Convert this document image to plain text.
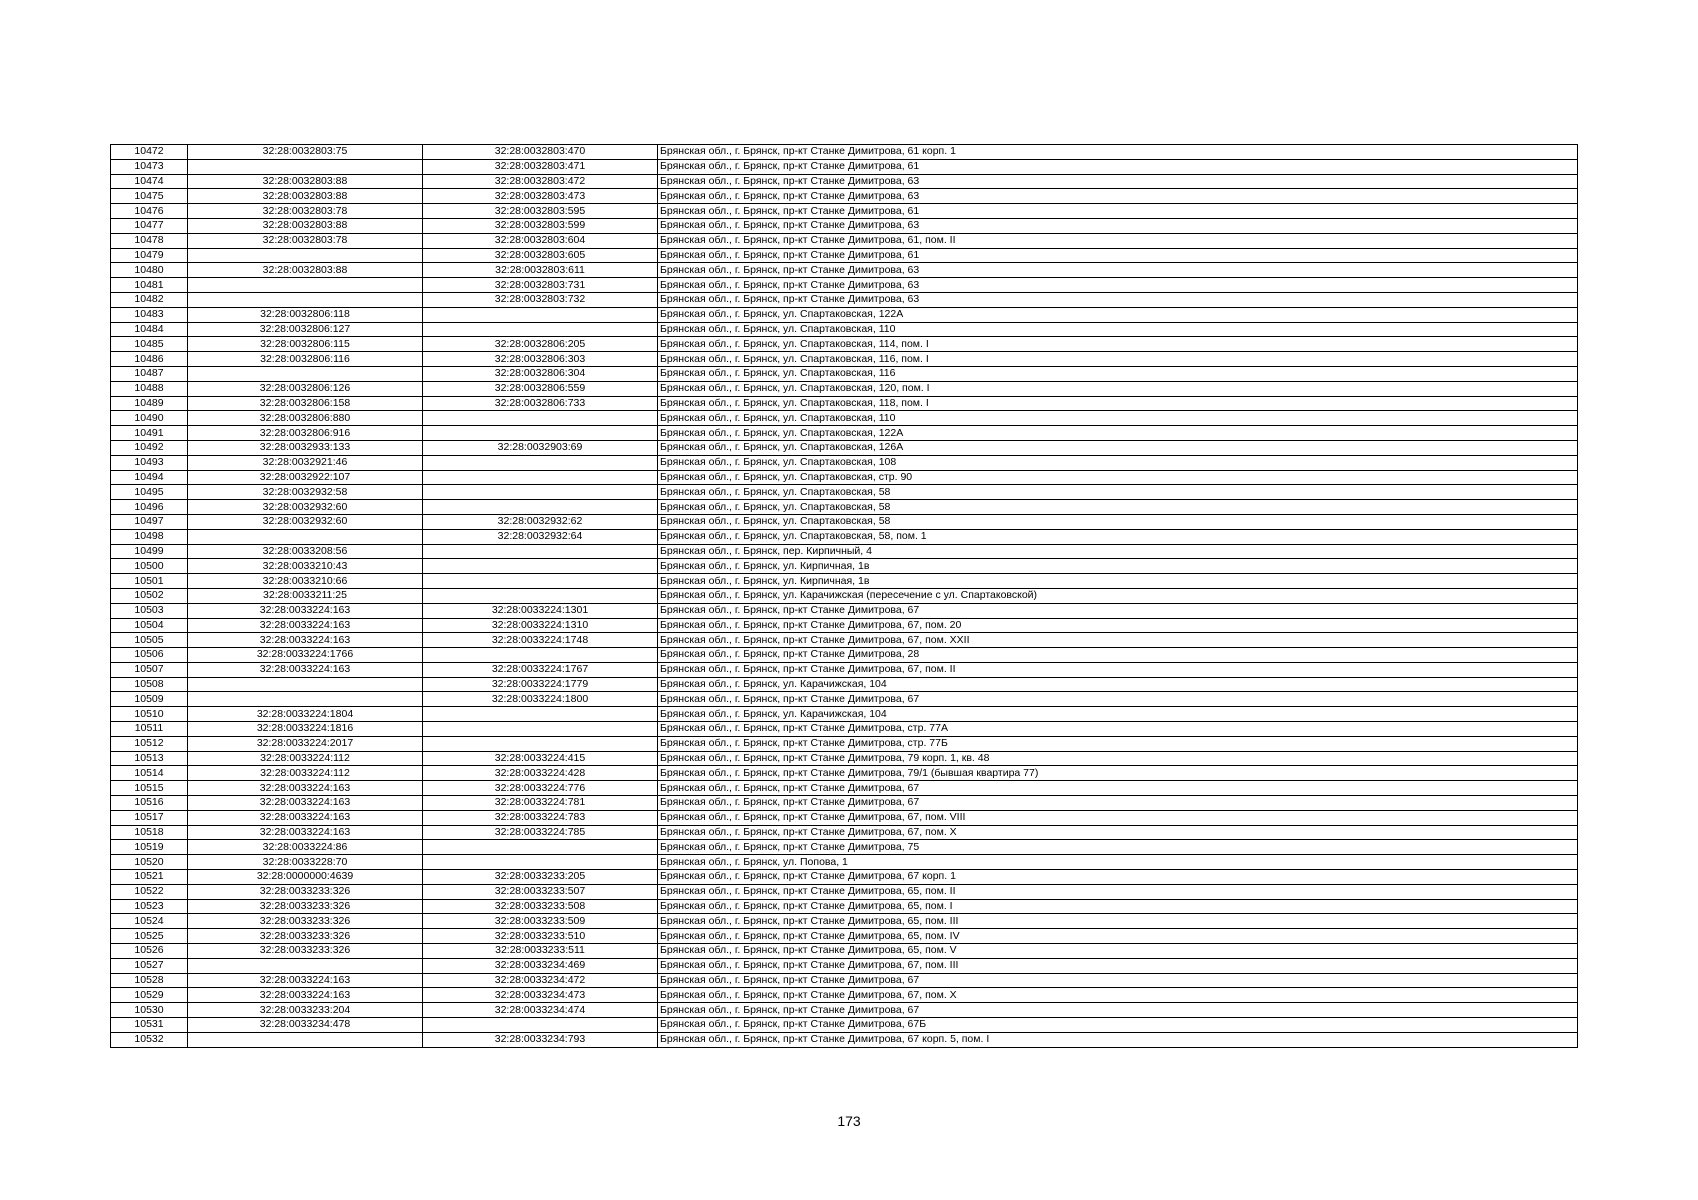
10472	32:28:0032803:75	32:28:0032803:470	Брянская обл., г. Брянск, пр-кт Станке Димитрова, 61 корп. 1
10473		32:28:0032803:471	Брянская обл., г. Брянск, пр-кт Станке Димитрова, 61
10474	32:28:0032803:88	32:28:0032803:472	Брянская обл., г. Брянск, пр-кт Станке Димитрова, 63
10475	32:28:0032803:88	32:28:0032803:473	Брянская обл., г. Брянск, пр-кт Станке Димитрова, 63
10476	32:28:0032803:78	32:28:0032803:595	Брянская обл., г. Брянск, пр-кт Станке Димитрова, 61
10477	32:28:0032803:88	32:28:0032803:599	Брянская обл., г. Брянск, пр-кт Станке Димитрова, 63
10478	32:28:0032803:78	32:28:0032803:604	Брянская обл., г. Брянск, пр-кт Станке Димитрова, 61, пом. II
10479		32:28:0032803:605	Брянская обл., г. Брянск, пр-кт Станке Димитрова, 61
10480	32:28:0032803:88	32:28:0032803:611	Брянская обл., г. Брянск, пр-кт Станке Димитрова, 63
10481		32:28:0032803:731	Брянская обл., г. Брянск, пр-кт Станке Димитрова, 63
10482		32:28:0032803:732	Брянская обл., г. Брянск, пр-кт Станке Димитрова, 63
10483	32:28:0032806:118		Брянская обл., г. Брянск, ул. Спартаковская, 122А
10484	32:28:0032806:127		Брянская обл., г. Брянск, ул. Спартаковская, 110
10485	32:28:0032806:115	32:28:0032806:205	Брянская обл., г. Брянск, ул. Спартаковская, 114, пом. I
10486	32:28:0032806:116	32:28:0032806:303	Брянская обл., г. Брянск, ул. Спартаковская, 116, пом. I
10487		32:28:0032806:304	Брянская обл., г. Брянск, ул. Спартаковская, 116
10488	32:28:0032806:126	32:28:0032806:559	Брянская обл., г. Брянск, ул. Спартаковская, 120, пом. I
10489	32:28:0032806:158	32:28:0032806:733	Брянская обл., г. Брянск, ул. Спартаковская, 118, пом. I
10490	32:28:0032806:880		Брянская обл., г. Брянск, ул. Спартаковская, 110
10491	32:28:0032806:916		Брянская обл., г. Брянск, ул. Спартаковская, 122А
10492	32:28:0032933:133	32:28:0032903:69	Брянская обл., г. Брянск, ул. Спартаковская, 126А
10493	32:28:0032921:46		Брянская обл., г. Брянск, ул. Спартаковская, 108
10494	32:28:0032922:107		Брянская обл., г. Брянск, ул. Спартаковская, стр. 90
10495	32:28:0032932:58		Брянская обл., г. Брянск, ул. Спартаковская, 58
10496	32:28:0032932:60		Брянская обл., г. Брянск, ул. Спартаковская, 58
10497	32:28:0032932:60	32:28:0032932:62	Брянская обл., г. Брянск, ул. Спартаковская, 58
10498		32:28:0032932:64	Брянская обл., г. Брянск, ул. Спартаковская, 58, пом. 1
10499	32:28:0033208:56		Брянская обл., г. Брянск, пер. Кирпичный, 4
10500	32:28:0033210:43		Брянская обл., г. Брянск, ул. Кирпичная, 1в
10501	32:28:0033210:66		Брянская обл., г. Брянск, ул. Кирпичная, 1в
10502	32:28:0033211:25		Брянская обл., г. Брянск, ул. Карачижская (пересечение с ул. Спартаковской)
10503	32:28:0033224:163	32:28:0033224:1301	Брянская обл., г. Брянск, пр-кт Станке Димитрова, 67
10504	32:28:0033224:163	32:28:0033224:1310	Брянская обл., г. Брянск, пр-кт Станке Димитрова, 67, пом. 20
10505	32:28:0033224:163	32:28:0033224:1748	Брянская обл., г. Брянск, пр-кт Станке Димитрова, 67, пом. XXII
10506	32:28:0033224:1766		Брянская обл., г. Брянск, пр-кт Станке Димитрова, 28
10507	32:28:0033224:163	32:28:0033224:1767	Брянская обл., г. Брянск, пр-кт Станке Димитрова, 67, пом. II
10508		32:28:0033224:1779	Брянская обл., г. Брянск, ул. Карачижская, 104
10509		32:28:0033224:1800	Брянская обл., г. Брянск, пр-кт Станке Димитрова, 67
10510	32:28:0033224:1804		Брянская обл., г. Брянск, ул. Карачижская, 104
10511	32:28:0033224:1816		Брянская обл., г. Брянск, пр-кт Станке Димитрова, стр. 77А
10512	32:28:0033224:2017		Брянская обл., г. Брянск, пр-кт Станке Димитрова, стр. 77Б
10513	32:28:0033224:112	32:28:0033224:415	Брянская обл., г. Брянск, пр-кт Станке Димитрова, 79 корп. 1, кв. 48
10514	32:28:0033224:112	32:28:0033224:428	Брянская обл., г. Брянск, пр-кт Станке Димитрова, 79/1 (бывшая квартира 77)
10515	32:28:0033224:163	32:28:0033224:776	Брянская обл., г. Брянск, пр-кт Станке Димитрова, 67
10516	32:28:0033224:163	32:28:0033224:781	Брянская обл., г. Брянск, пр-кт Станке Димитрова, 67
10517	32:28:0033224:163	32:28:0033224:783	Брянская обл., г. Брянск, пр-кт Станке Димитрова, 67, пом. VIII
10518	32:28:0033224:163	32:28:0033224:785	Брянская обл., г. Брянск, пр-кт Станке Димитрова, 67, пом. X
10519	32:28:0033224:86		Брянская обл., г. Брянск, пр-кт Станке Димитрова, 75
10520	32:28:0033228:70		Брянская обл., г. Брянск, ул. Попова, 1
10521	32:28:0000000:4639	32:28:0033233:205	Брянская обл., г. Брянск, пр-кт Станке Димитрова, 67 корп. 1
10522	32:28:0033233:326	32:28:0033233:507	Брянская обл., г. Брянск, пр-кт Станке Димитрова, 65, пом. II
10523	32:28:0033233:326	32:28:0033233:508	Брянская обл., г. Брянск, пр-кт Станке Димитрова, 65, пом. I
10524	32:28:0033233:326	32:28:0033233:509	Брянская обл., г. Брянск, пр-кт Станке Димитрова, 65, пом. III
10525	32:28:0033233:326	32:28:0033233:510	Брянская обл., г. Брянск, пр-кт Станке Димитрова, 65, пом. IV
10526	32:28:0033233:326	32:28:0033233:511	Брянская обл., г. Брянск, пр-кт Станке Димитрова, 65, пом. V
10527		32:28:0033234:469	Брянская обл., г. Брянск, пр-кт Станке Димитрова, 67, пом. III
10528	32:28:0033224:163	32:28:0033234:472	Брянская обл., г. Брянск, пр-кт Станке Димитрова, 67
10529	32:28:0033224:163	32:28:0033234:473	Брянская обл., г. Брянск, пр-кт Станке Димитрова, 67, пом. X
10530	32:28:0033233:204	32:28:0033234:474	Брянская обл., г. Брянск, пр-кт Станке Димитрова, 67
10531	32:28:0033234:478		Брянская обл., г. Брянск, пр-кт Станке Димитрова, 67Б
10532		32:28:0033234:793	Брянская обл., г. Брянск, пр-кт Станке Димитрова, 67 корп. 5, пом. I
173
